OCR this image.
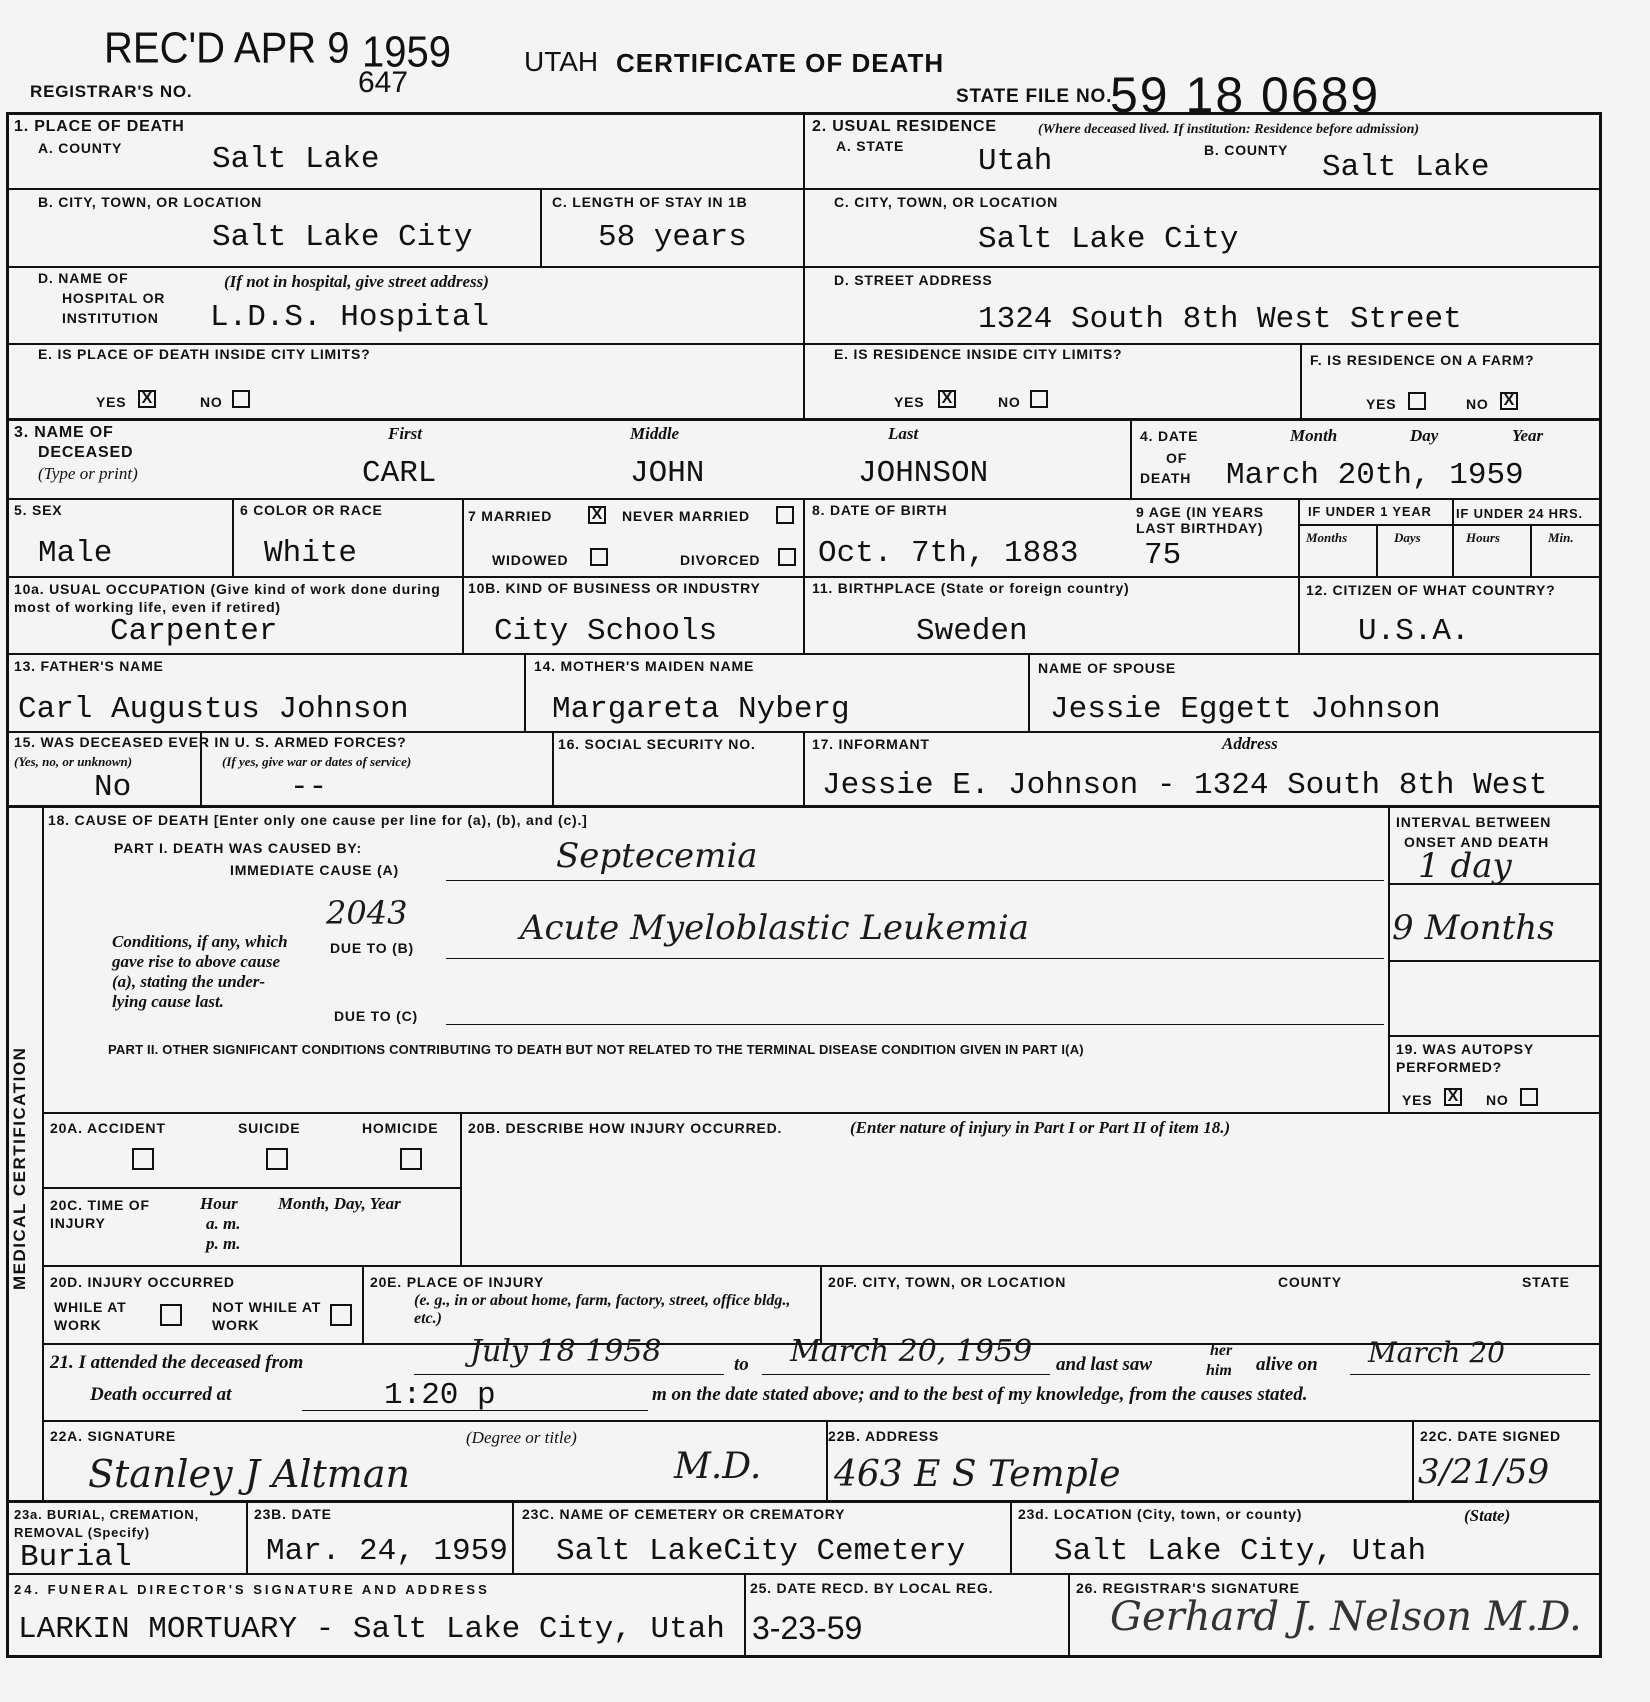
REC'D APR 9 1959
REGISTRAR'S NO.	647
UTAH CERTIFICATE OF DEATH
STATE FILE NO.
59 18 0689
1. PLACE OF DEATH
A. COUNTY	Salt Lake
2. USUAL RESIDENCE	(Where deceased lived. If institution: Residence before admission)
A. STATE Utah	B. COUNTY Salt Lake
B. CITY, TOWN, OR LOCATION
Salt Lake City
C. LENGTH OF STAY IN 1B
58 years
C. CITY, TOWN, OR LOCATION
Salt Lake City
D. NAME OF
HOSPITAL OR
INSTITUTION
(If not in hospital, give street address)
L.D.S. Hospital
D. STREET ADDRESS
1324 South 8th West Street
E. IS PLACE OF DEATH INSIDE CITY LIMITS?
YES X	NO
E. IS RESIDENCE INSIDE CITY LIMITS?
YES X	NO
F. IS RESIDENCE ON A FARM?
YES	NO X
3. NAME OF
DECEASED
(Type or print)
First	Middle	Last
CARL	JOHN	JOHNSON
4. DATE
OF
DEATH
Month	Day	Year
March 20th, 1959
5. SEX
Male
6 COLOR OR RACE
White
7 MARRIED X NEVER MARRIED
WIDOWED	DIVORCED
8. DATE OF BIRTH
Oct. 7th, 1883
9 AGE (IN YEARS LAST BIRTHDAY)
75
IF UNDER 1 YEAR IF UNDER 24 HRS.
Months	Days	Hours	Min.
10a. USUAL OCCUPATION (Give kind of work done during most of working life, even if retired)
Carpenter
10B. KIND OF BUSINESS OR INDUSTRY
City Schools
11. BIRTHPLACE (State or foreign country)
Sweden
12. CITIZEN OF WHAT COUNTRY?
U.S.A.
13. FATHER'S NAME
Carl Augustus Johnson
14. MOTHER'S MAIDEN NAME
Margareta Nyberg
NAME OF SPOUSE
Jessie Eggett Johnson
15. WAS DECEASED EVER IN U. S. ARMED FORCES?
(Yes, no, or unknown)	(If yes, give war or dates of service)
No	--
16. SOCIAL SECURITY NO.	17. INFORMANT	Address
Jessie E. Johnson - 1324 South 8th West
MEDICAL CERTIFICATION
18. CAUSE OF DEATH [Enter only one cause per line for (a), (b), and (c).]
PART I. DEATH WAS CAUSED BY:
IMMEDIATE CAUSE (A)	Septecemia
INTERVAL BETWEEN
ONSET AND DEATH
1 day
2043
Conditions, if any, which gave rise to above cause (a), stating the under-lying cause last.
DUE TO (B)	Acute Myeloblastic Leukemia	9 Months
DUE TO (C)
PART II. OTHER SIGNIFICANT CONDITIONS CONTRIBUTING TO DEATH BUT NOT RELATED TO THE TERMINAL DISEASE CONDITION GIVEN IN PART I(A)	19. WAS AUTOPSY PERFORMED?
YES X NO
20A. ACCIDENT	SUICIDE	HOMICIDE 20B. DESCRIBE HOW INJURY OCCURRED.	(Enter nature of injury in Part I or Part II of item 18.)
20C. TIME OF INJURY
Hour
a. m.
p. m.
Month, Day, Year
20D. INJURY OCCURRED
WHILE AT WORK
NOT WHILE AT WORK
20E. PLACE OF INJURY
(e. g., in or about home, farm, factory, street, office bldg., etc.)
20F. CITY, TOWN, OR LOCATION	COUNTY	STATE
21. I attended the deceased from	July 18 1958	to March 20, 1959 and last saw
her
him alive on March 20
Death occurred at	1:20 p	m on the date stated above; and to the best of my knowledge, from the causes stated.
22A. SIGNATURE	(Degree or title)
Stanley J Altman	M.D.
22B. ADDRESS
463 E S Temple
22C. DATE SIGNED
3/21/59
23a. BURIAL, CREMATION, REMOVAL (Specify)
Burial
23B. DATE
Mar. 24, 1959
23C. NAME OF CEMETERY OR CREMATORY
Salt LakeCity Cemetery
23d. LOCATION (City, town, or county)	(State)
Salt Lake City, Utah
24. FUNERAL DIRECTOR'S SIGNATURE AND ADDRESS
LARKIN MORTUARY - Salt Lake City, Utah
25. DATE RECD. BY LOCAL REG.
3-23-59
26. REGISTRAR'S SIGNATURE
Gerhard J. Nelson M.D.
